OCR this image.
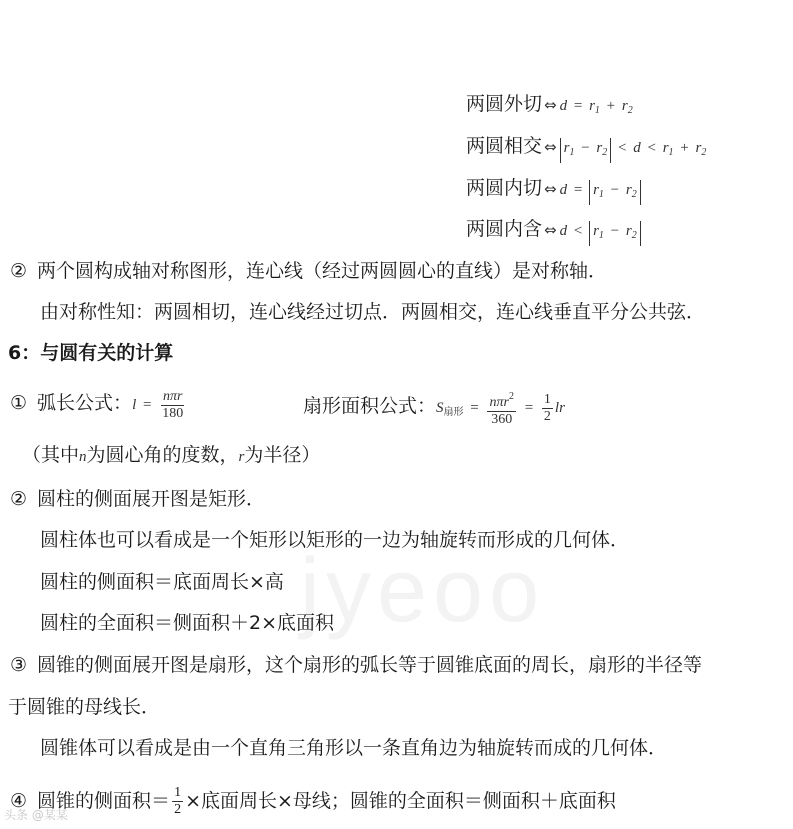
jyeoo
头条 @某某
两圆外切 ⇔ $d = r_1 + r_2$
两圆相交 ⇔ $r_1 - r_2 < d < r_1 + r_2$
两圆内切 ⇔ $d = r_1 - r_2$
两圆内含 ⇔ $d < r_1 - r_2$
② 两个圆构成轴对称图形，连心线（经过两圆圆心的直线）是对称轴．
由对称性知：两圆相切，连心线经过切点．两圆相交，连心线垂直平分公共弦．
6：与圆有关的计算
① 弧长公式：$l = \frac{\text{nπr}}{180}$	扇形面积公式：$S_{扇形} = \frac{n\pi r^2}{360} = \frac{1}{2}$ lr
（其中n为圆心角的度数，r为半径）
② 圆柱的侧面展开图是矩形．
圆柱体也可以看成是一个矩形以矩形的一边为轴旋转而形成的几何体．
圆柱的侧面积＝底面周长×高
圆柱的全面积＝侧面积＋2×底面积
③ 圆锥的侧面展开图是扇形，这个扇形的弧长等于圆锥底面的周长，扇形的半径等
于圆锥的母线长．
圆锥体可以看成是由一个直角三角形以一条直角边为轴旋转而成的几何体．
④ 圆锥的侧面积＝ $\frac{1}{2}$ ×底面周长×母线；圆锥的全面积＝侧面积＋底面积
